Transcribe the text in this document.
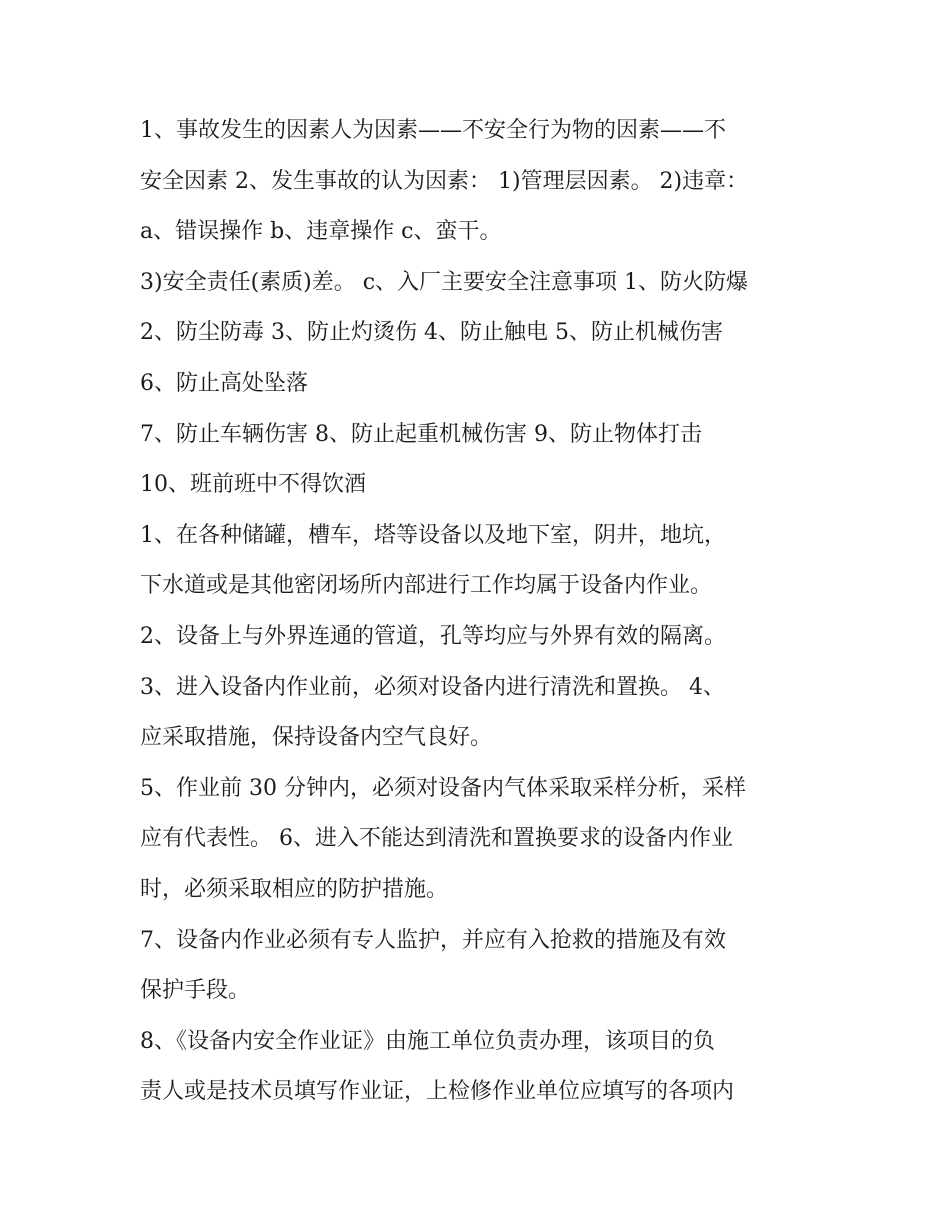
1、事故发生的因素人为因素——不安全行为物的因素——不
安全因素 2、发生事故的认为因素： 1)管理层因素。 2)违章：
a、错误操作 b、违章操作 c、蛮干。
3)安全责任(素质)差。 c、入厂主要安全注意事项 1、防火防爆
2、防尘防毒 3、防止灼烫伤 4、防止触电 5、防止机械伤害
6、防止高处坠落
7、防止车辆伤害 8、防止起重机械伤害 9、防止物体打击
10、班前班中不得饮酒
1、在各种储罐，槽车，塔等设备以及地下室，阴井，地坑，
下水道或是其他密闭场所内部进行工作均属于设备内作业。
2、设备上与外界连通的管道，孔等均应与外界有效的隔离。
3、进入设备内作业前，必须对设备内进行清洗和置换。 4、
应采取措施，保持设备内空气良好。
5、作业前 30 分钟内，必须对设备内气体采取采样分析，采样
应有代表性。 6、进入不能达到清洗和置换要求的设备内作业
时，必须采取相应的防护措施。
7、设备内作业必须有专人监护，并应有入抢救的措施及有效
保护手段。
8、《设备内安全作业证》由施工单位负责办理，该项目的负
责人或是技术员填写作业证，上检修作业单位应填写的各项内
